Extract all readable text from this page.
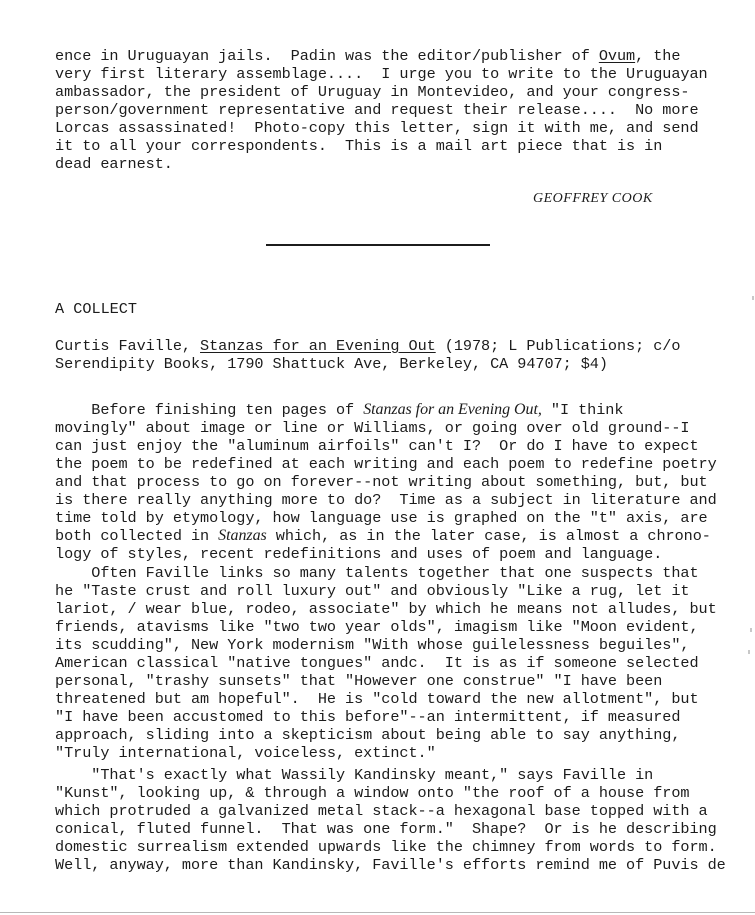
ence in Uruguayan jails.  Padin was the editor/publisher of Ovum, the
very first literary assemblage....  I urge you to write to the Uruguayan
ambassador, the president of Uruguay in Montevideo, and your congress-
person/government representative and request their release....  No more
Lorcas assassinated!  Photo-copy this letter, sign it with me, and send
it to all your correspondents.  This is a mail art piece that is in
dead earnest.
GEOFFREY COOK
A COLLECT
Curtis Faville, Stanzas for an Evening Out (1978; L Publications; c/o
Serendipity Books, 1790 Shattuck Ave, Berkeley, CA 94707; $4)
Before finishing ten pages of Stanzas for an Evening Out, "I think
movingly" about image or line or Williams, or going over old ground--I
can just enjoy the "aluminum airfoils" can't I?  Or do I have to expect
the poem to be redefined at each writing and each poem to redefine poetry
and that process to go on forever--not writing about something, but, but
is there really anything more to do?  Time as a subject in literature and
time told by etymology, how language use is graphed on the "t" axis, are
both collected in Stanzas which, as in the later case, is almost a chrono-
logy of styles, recent redefinitions and uses of poem and language.
Often Faville links so many talents together that one suspects that
he "Taste crust and roll luxury out" and obviously "Like a rug, let it
lariot, / wear blue, rodeo, associate" by which he means not alludes, but
friends, atavisms like "two two year olds", imagism like "Moon evident,
its scudding", New York modernism "With whose guilelessness beguiles",
American classical "native tongues" andc.  It is as if someone selected
personal, "trashy sunsets" that "However one construe" "I have been
threatened but am hopeful".  He is "cold toward the new allotment", but
"I have been accustomed to this before"--an intermittent, if measured
approach, sliding into a skepticism about being able to say anything,
"Truly international, voiceless, extinct."
"That's exactly what Wassily Kandinsky meant," says Faville in
"Kunst", looking up, & through a window onto "the roof of a house from
which protruded a galvanized metal stack--a hexagonal base topped with a
conical, fluted funnel.  That was one form."  Shape?  Or is he describing
domestic surrealism extended upwards like the chimney from words to form.
Well, anyway, more than Kandinsky, Faville's efforts remind me of Puvis de
